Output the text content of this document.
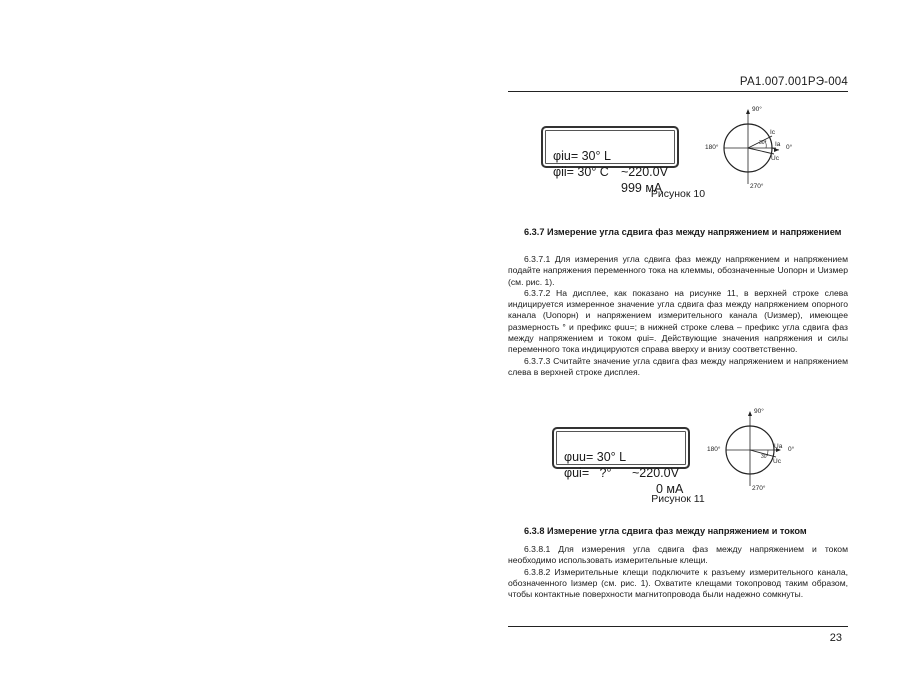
РА1.007.001РЭ-004

φiu= 30° L

~220.0V

φii= 30° C

999 мА

90°
180°	0°
270°
Ic
Ia
Uc
30°
Рисунок 10
6.3.7 Измерение угла сдвига фаз между напряжением и напряжением

6.3.7.1 Для измерения угла сдвига фаз между напряжением и напряжением подайте напряжения переменного тока на клеммы, обозначенные Uопорн и Uизмер (см. рис. 1).

6.3.7.2 На дисплее, как показано на рисунке 11, в верхней строке слева индицируется измеренное значение угла сдвига фаз между напряжением опорного канала (Uопорн) и напряжением измерительного канала (Uизмер), имеющее размерность ° и префикс φuu=; в нижней строке слева – префикс угла сдвига фаз между напряжением и током φui=. Действующие значения напряжения и силы переменного тока индицируются справа вверху и внизу соответственно.

6.3.7.3 Считайте значение угла сдвига фаз между напряжением и напряжением слева в верхней строке дисплея.

φuu= 30° L

~220.0V

φui=   ?°

0 мА

90°
180°	0°
270°
Ua
Uc
30°
Рисунок 11
6.3.8 Измерение угла сдвига фаз между напряжением и током

6.3.8.1 Для измерения угла сдвига фаз между напряжением и током необходимо использовать измерительные клещи.

6.3.8.2 Измерительные клещи подключите к разъему измерительного канала, обозначенного Iизмер (см. рис. 1). Охватите клещами токопровод таким образом, чтобы контактные поверхности магнитопровода были надежно сомкнуты.

23
